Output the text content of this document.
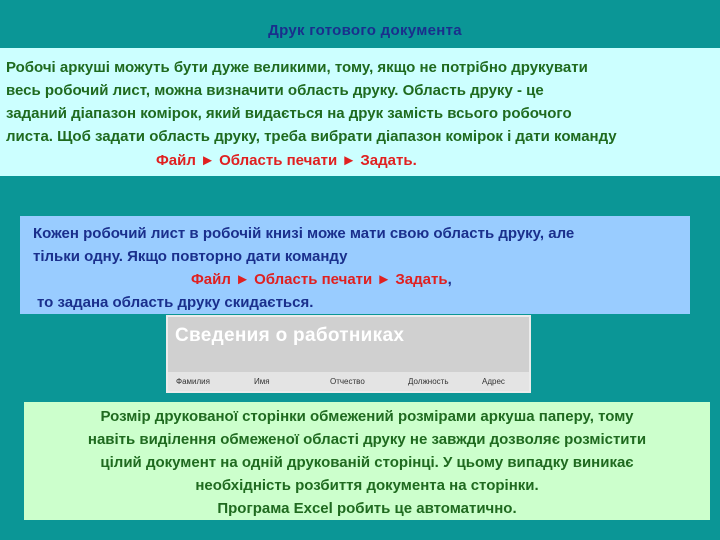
Друк готового документа
Робочі аркуші можуть бути дуже великими, тому, якщо не потрібно друкувати
весь робочий лист, можна визначити область друку. Область друку - це
заданий діапазон комірок, який видається на друк замість всього робочого
листа. Щоб задати область друку, треба вибрати діапазон комірок і дати команду
Файл ► Область печати ► Задать.
Кожен робочий лист в робочій книзі може мати свою область друку, але
тільки одну. Якщо повторно дати команду
Файл ► Область печати ► Задать,
то задана область друку скидається.
Сведения о работниках
Фамилия	Имя	Отчество	Должность	Адрес
Розмір друкованої сторінки обмежений розмірами аркуша паперу, тому
навіть виділення обмеженої області друку не завжди дозволяє розмістити
цілий документ на одній друкованій сторінці. У цьому випадку виникає
необхідність розбиття документа на сторінки.
Програма Excel робить це автоматично.
